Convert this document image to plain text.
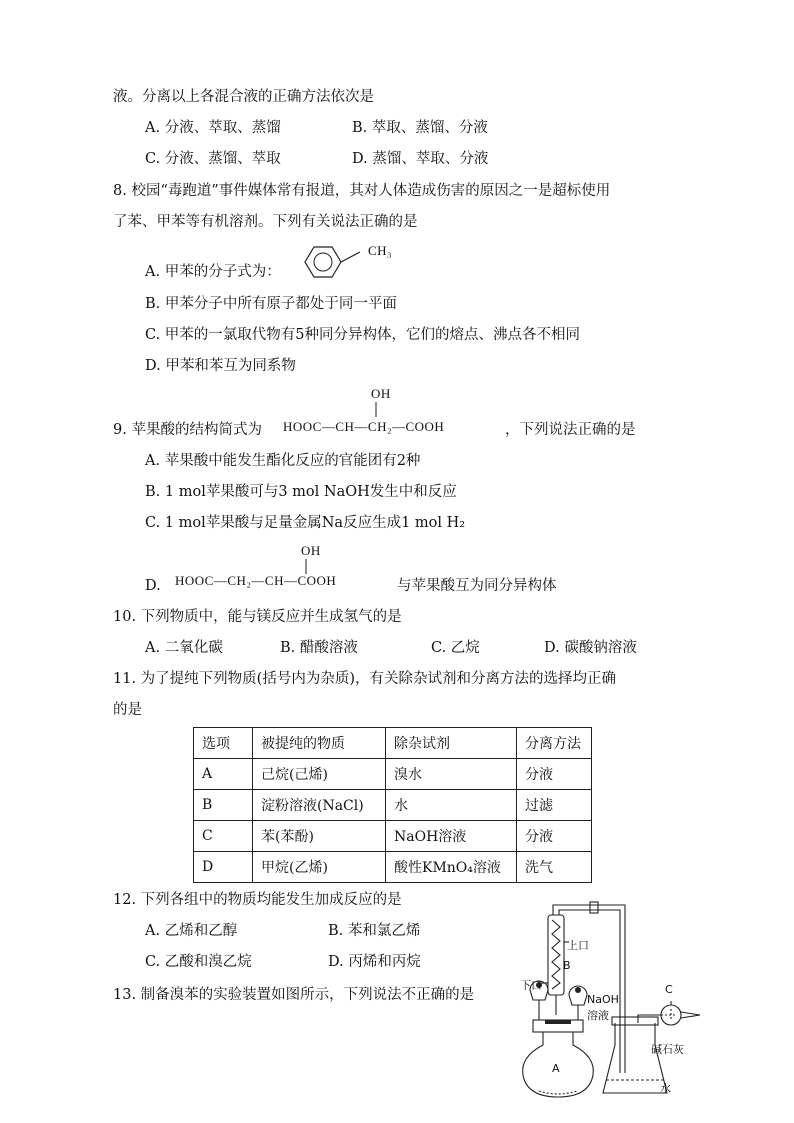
液。分离以上各混合液的正确方法依次是
A. 分液、萃取、蒸馏	B. 萃取、蒸馏、分液
C. 分液、蒸馏、萃取	D. 蒸馏、萃取、分液
8. 校园“毒跑道”事件媒体常有报道，其对人体造成伤害的原因之一是超标使用
了苯、甲苯等有机溶剂。下列有关说法正确的是
A. 甲苯的分子式为：
CH₃
B. 甲苯分子中所有原子都处于同一平面
C. 甲苯的一氯取代物有5种同分异构体，它们的熔点、沸点各不相同
D. 甲苯和苯互为同系物
OH
9. 苹果酸的结构简式为 HOOC—CH—CH₂—COOH	，下列说法正确的是
A. 苹果酸中能发生酯化反应的官能团有2种
B. 1 mol苹果酸可与3 mol NaOH发生中和反应
C. 1 mol苹果酸与足量金属Na反应生成1 mol H₂
OH
D. HOOC—CH₂—CH—COOH	与苹果酸互为同分异构体
10. 下列物质中，能与镁反应并生成氢气的是
A. 二氧化碳	B. 醋酸溶液	C. 乙烷	D. 碳酸钠溶液
11. 为了提纯下列物质(括号内为杂质)，有关除杂试剂和分离方法的选择均正确
的是
选项	被提纯的物质	除杂试剂	分离方法
A	己烷(己烯)	溴水	分液
B	淀粉溶液(NaCl)	水	过滤
C	苯(苯酚)	NaOH溶液	分液
D	甲烷(乙烯)	酸性KMnO₄溶液	洗气
12. 下列各组中的物质均能发生加成反应的是
A. 乙烯和乙醇	B. 苯和氯乙烯
C. 乙酸和溴乙烷	D. 丙烯和丙烷
13. 制备溴苯的实验装置如图所示，下列说法不正确的是
上口
B
下口
NaOH
溶液
C
碱石灰
A
水
